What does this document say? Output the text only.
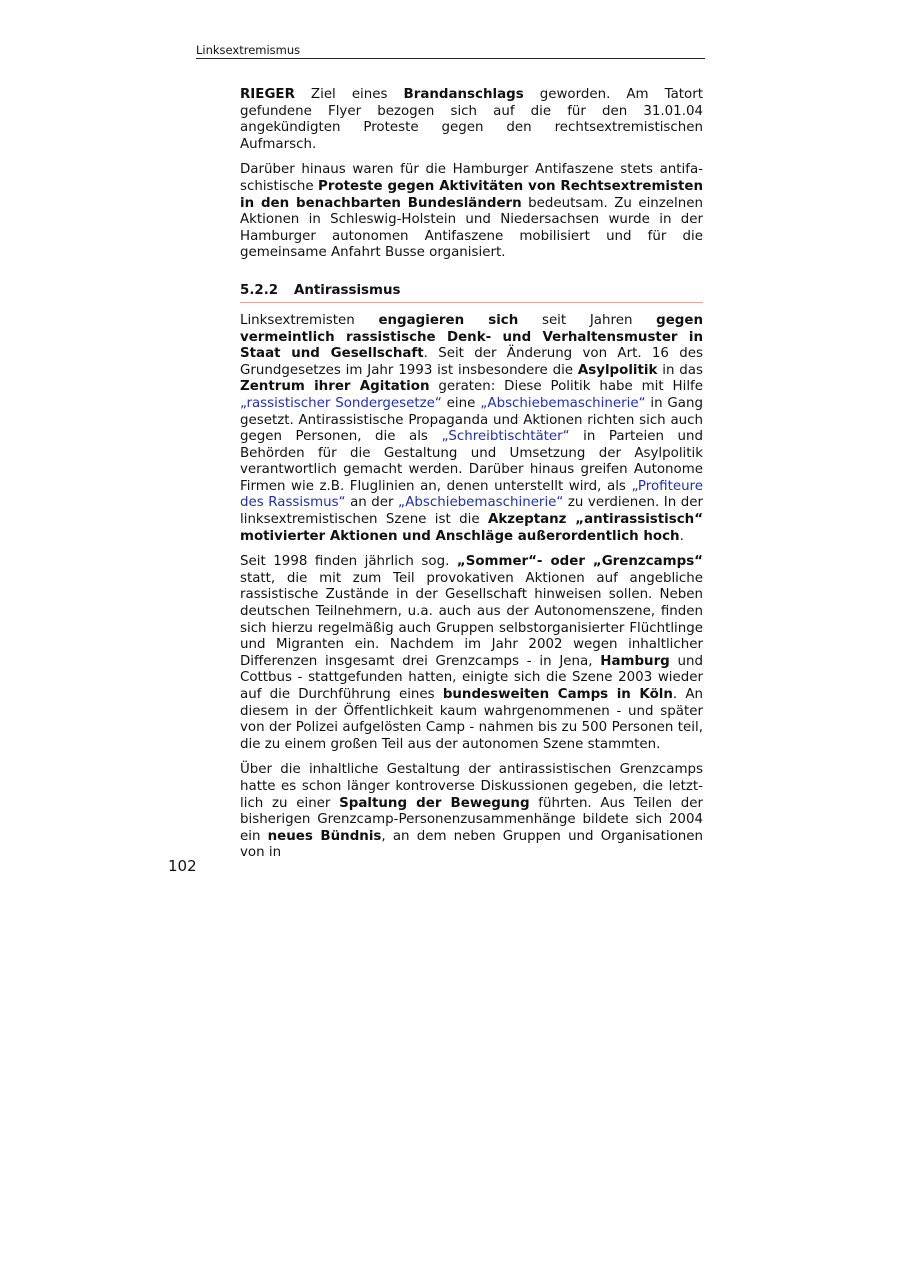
Linksextremismus

RIEGER Ziel eines Brandanschlags geworden. Am Tatort gefundene Flyer bezogen sich auf die für den 31.01.04 angekündigten Proteste gegen den rechtsextremistischen Aufmarsch.

Darüber hinaus waren für die Hamburger Antifaszene stets antifaschistische Proteste gegen Aktivitäten von Rechtsextremisten in den benachbarten Bundesländern bedeutsam. Zu einzelnen Aktionen in Schleswig-Holstein und Niedersachsen wurde in der Hamburger autonomen Antifaszene mobilisiert und für die gemeinsame Anfahrt Busse organisiert.

5.2.2 Antirassismus

Linksextremisten engagieren sich seit Jahren gegen vermeintlich rassistische Denk- und Verhaltensmuster in Staat und Gesellschaft. Seit der Änderung von Art. 16 des Grundgesetzes im Jahr 1993 ist insbesondere die Asylpolitik in das Zentrum ihrer Agitation geraten: Diese Politik habe mit Hilfe „rassistischer Sondergesetze“ eine „Abschiebemaschinerie“ in Gang gesetzt. Antirassistische Propaganda und Aktionen richten sich auch gegen Personen, die als „Schreibtischtäter“ in Parteien und Behörden für die Gestaltung und Umsetzung der Asylpolitik verantwortlich gemacht werden. Darüber hinaus greifen Autonome Firmen wie z.B. Fluglinien an, denen unterstellt wird, als „Profiteure des Rassismus“ an der „Abschiebemaschinerie“ zu verdienen. In der linksextremistischen Szene ist die Akzeptanz „antirassistisch“ motivierter Aktionen und Anschläge außerordentlich hoch.

Seit 1998 finden jährlich sog. „Sommer“- oder „Grenzcamps“ statt, die mit zum Teil provokativen Aktionen auf angebliche rassistische Zustände in der Gesellschaft hinweisen sollen. Neben deutschen Teilnehmern, u.a. auch aus der Autonomenszene, finden sich hierzu regelmäßig auch Gruppen selbstorganisierter Flüchtlinge und Migranten ein. Nachdem im Jahr 2002 wegen inhaltlicher Differenzen insgesamt drei Grenzcamps - in Jena, Hamburg und Cottbus - stattgefunden hatten, einigte sich die Szene 2003 wieder auf die Durchführung eines bundesweiten Camps in Köln. An diesem in der Öffentlichkeit kaum wahrgenommenen - und später von der Polizei aufgelösten Camp - nahmen bis zu 500 Personen teil, die zu einem großen Teil aus der autonomen Szene stammten.

Über die inhaltliche Gestaltung der antirassistischen Grenzcamps hatte es schon länger kontroverse Diskussionen gegeben, die letztlich zu einer Spaltung der Bewegung führten. Aus Teilen der bisherigen Grenzcamp-Personenzusammenhänge bildete sich 2004 ein neues Bündnis, an dem neben Gruppen und Organisationen von in

102
